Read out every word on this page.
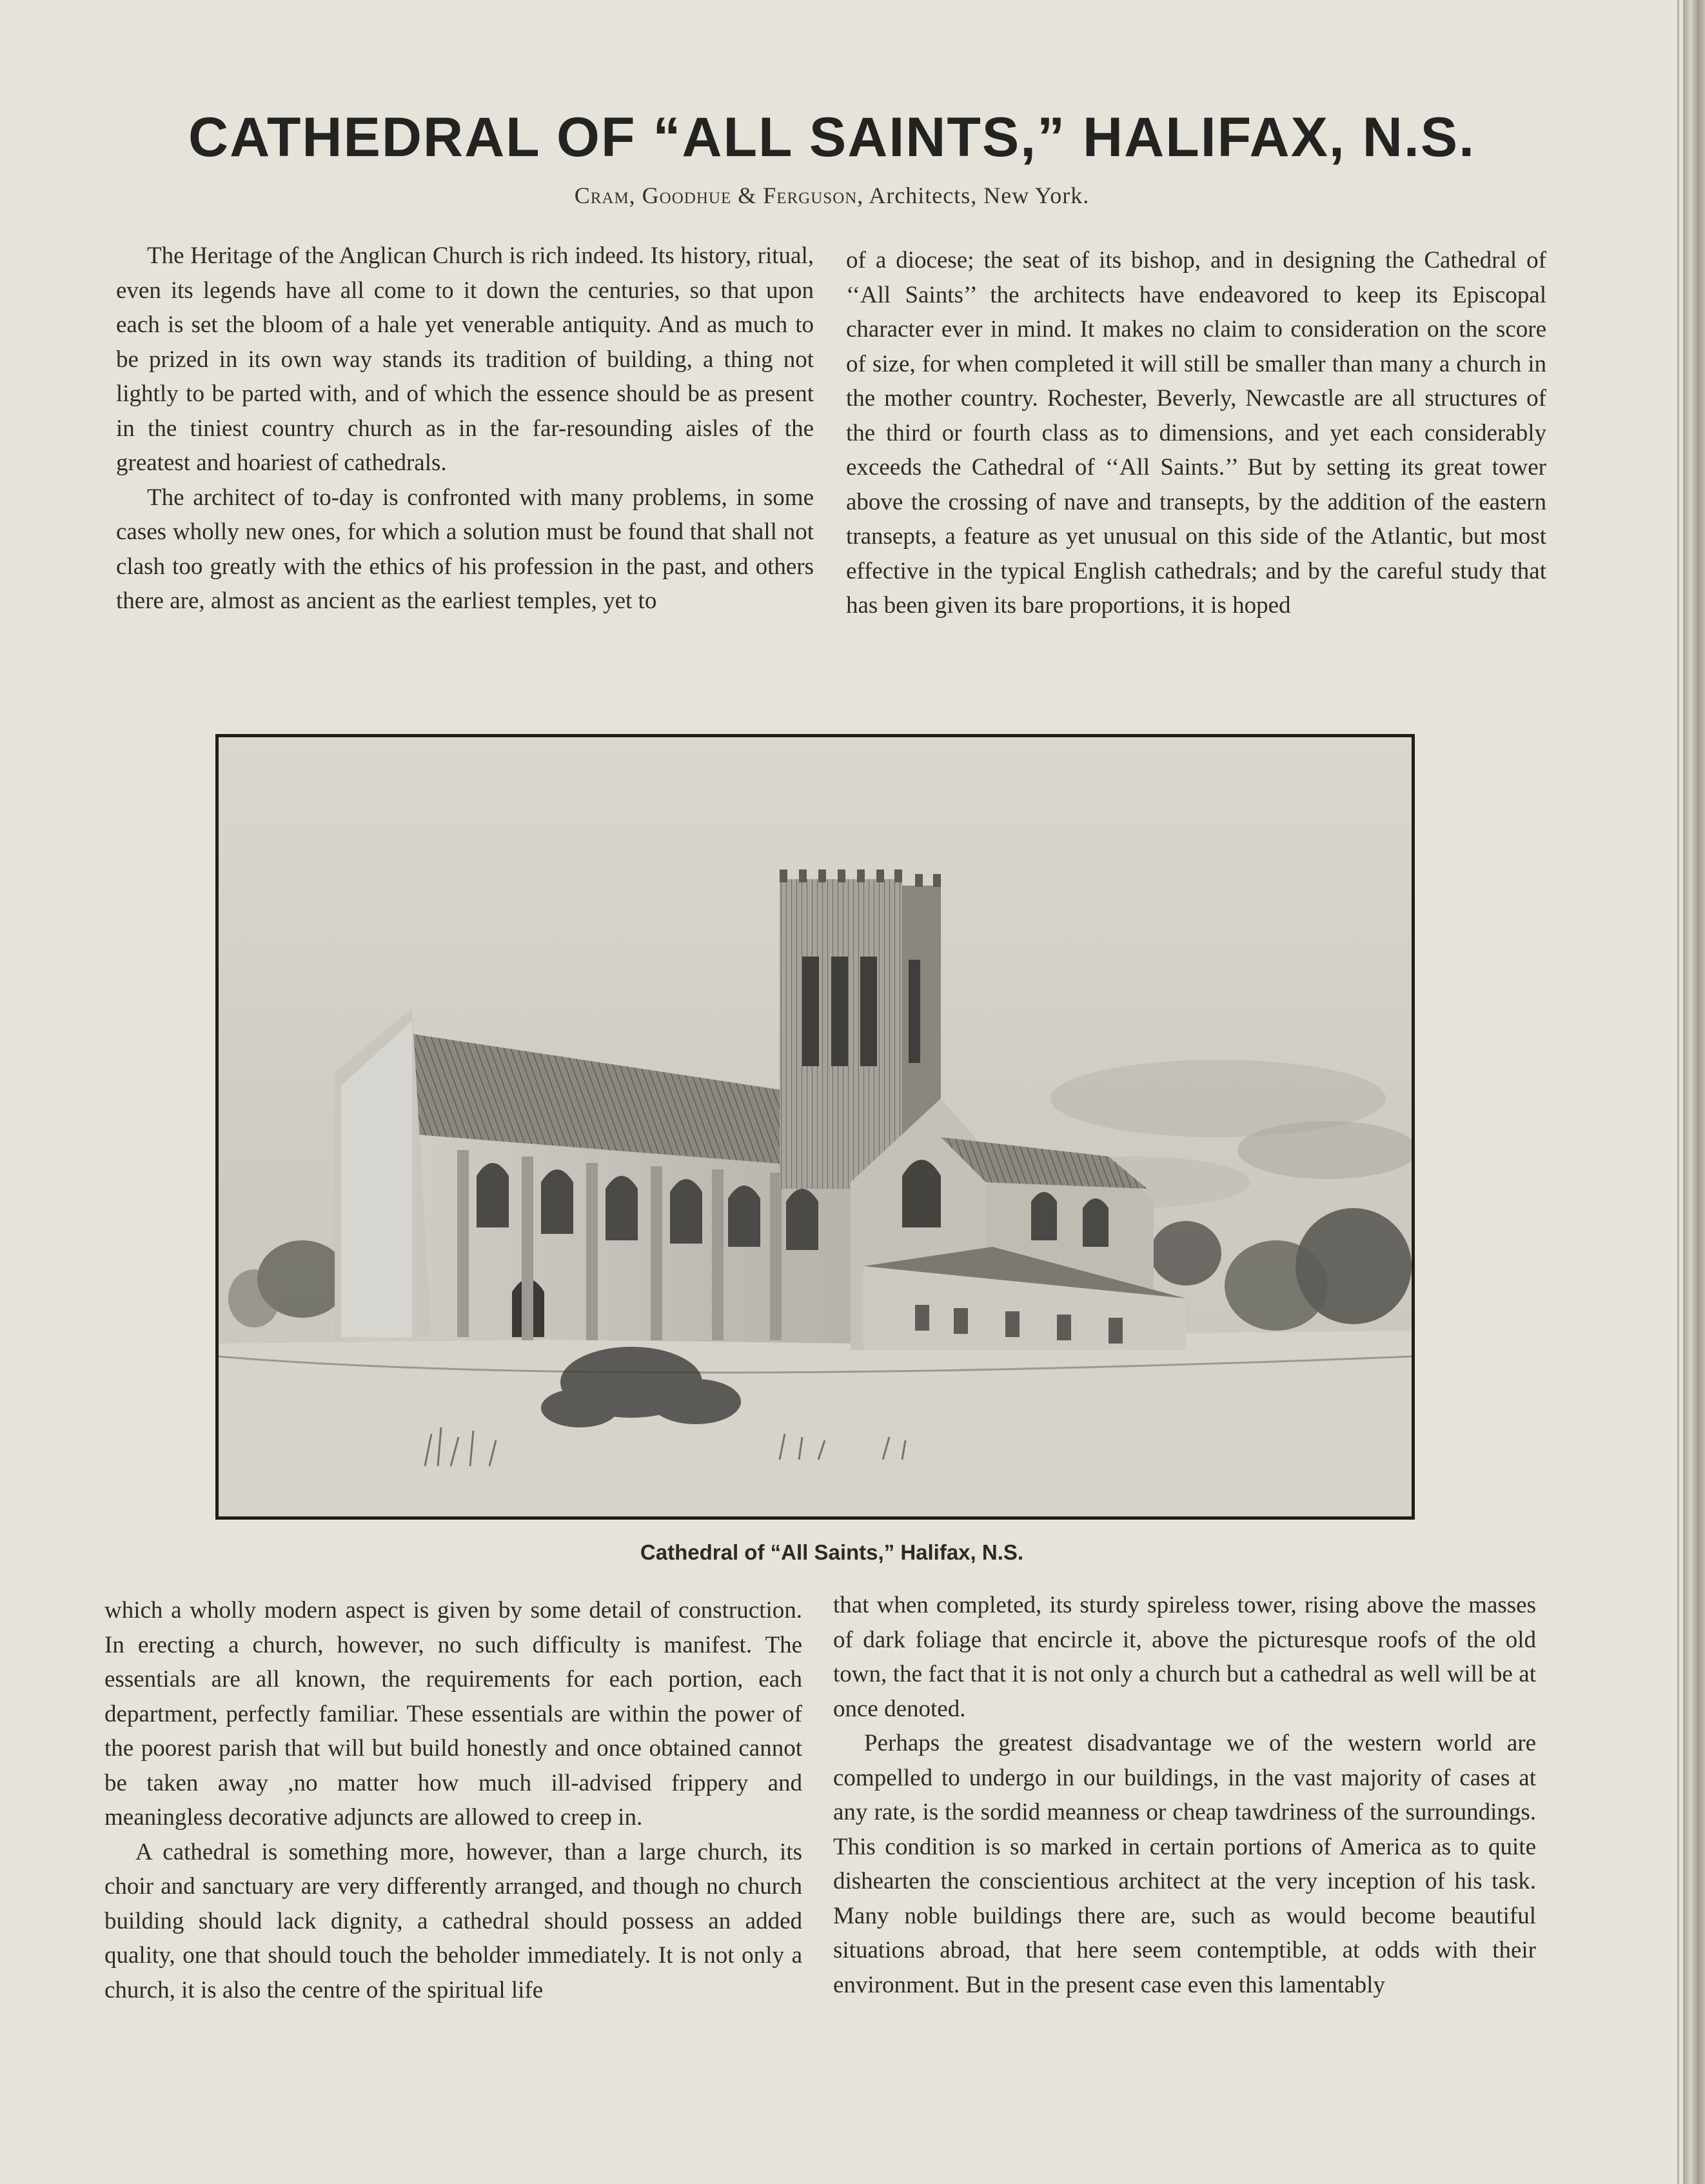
CATHEDRAL OF “ALL SAINTS,” HALIFAX, N.S.

Cram, Goodhue & Ferguson, Architects, New York.

The Heritage of the Anglican Church is rich indeed. Its history, ritual, even its legends have all come to it down the centuries, so that upon each is set the bloom of a hale yet venerable antiquity. And as much to be prized in its own way stands its tradition of building, a thing not lightly to be parted with, and of which the essence should be as present in the tiniest country church as in the far-resounding aisles of the greatest and hoariest of cathedrals.

The architect of to-day is confronted with many problems, in some cases wholly new ones, for which a solution must be found that shall not clash too greatly with the ethics of his profession in the past, and others there are, almost as ancient as the earliest temples, yet to

of a diocese; the seat of its bishop, and in designing the Cathedral of ‘‘All Saints’’ the architects have endeavored to keep its Episcopal character ever in mind. It makes no claim to consideration on the score of size, for when completed it will still be smaller than many a church in the mother country. Rochester, Beverly, Newcastle are all structures of the third or fourth class as to dimensions, and yet each considerably exceeds the Cathedral of ‘‘All Saints.’’ But by setting its great tower above the crossing of nave and transepts, by the addition of the eastern transepts, a feature as yet unusual on this side of the Atlantic, but most effective in the typical English cathedrals; and by the careful study that has been given its bare proportions, it is hoped

Cathedral of “All Saints,” Halifax, N.S.

which a wholly modern aspect is given by some detail of construction. In erecting a church, however, no such difficulty is manifest. The essentials are all known, the requirements for each portion, each department, perfectly familiar. These essentials are within the power of the poorest parish that will but build honestly and once obtained cannot be taken away ,no matter how much ill-advised frippery and meaningless decorative adjuncts are allowed to creep in.

A cathedral is something more, however, than a large church, its choir and sanctuary are very differently arranged, and though no church building should lack dignity, a cathedral should possess an added quality, one that should touch the beholder immediately. It is not only a church, it is also the centre of the spiritual life

that when completed, its sturdy spireless tower, rising above the masses of dark foliage that encircle it, above the picturesque roofs of the old town, the fact that it is not only a church but a cathedral as well will be at once denoted.

Perhaps the greatest disadvantage we of the western world are compelled to undergo in our buildings, in the vast majority of cases at any rate, is the sordid meanness or cheap tawdriness of the surroundings. This condition is so marked in certain portions of America as to quite dishearten the conscientious architect at the very inception of his task. Many noble buildings there are, such as would become beautiful situations abroad, that here seem contemptible, at odds with their environment. But in the present case even this lamentably
